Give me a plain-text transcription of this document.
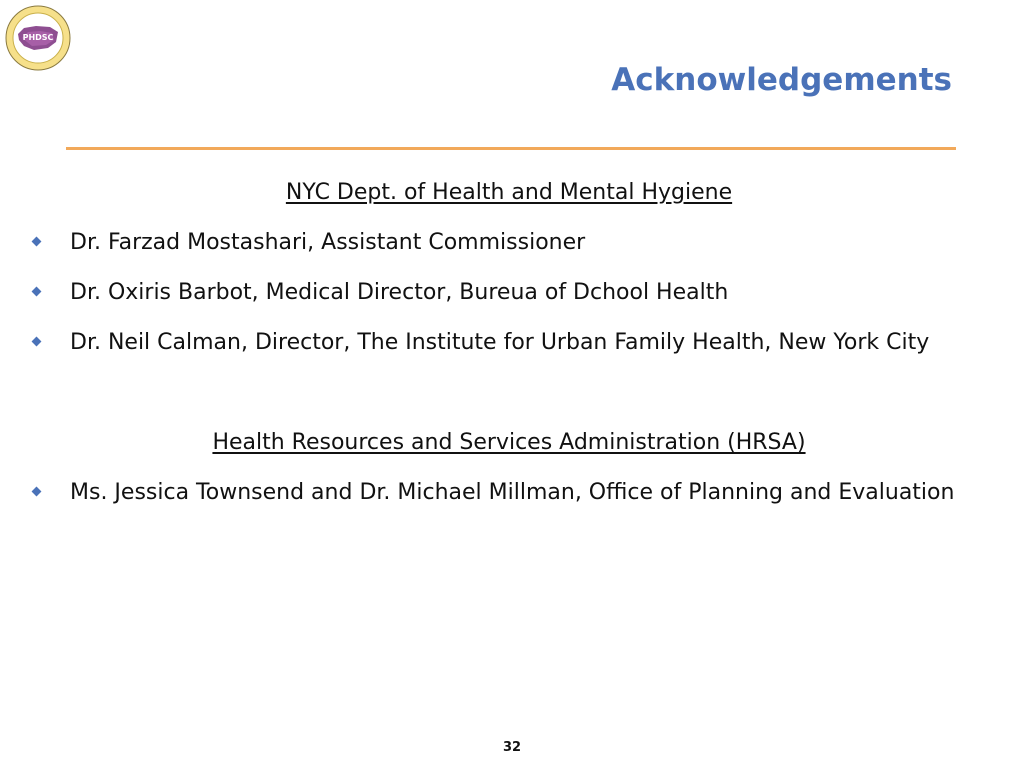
PHDSC
Acknowledgements

NYC Dept. of Health and Mental Hygiene

Dr. Farzad Mostashari, Assistant Commissioner
Dr. Oxiris Barbot, Medical Director, Bureua of Dchool Health
Dr. Neil Calman, Director, The Institute for Urban Family Health, New York City

Health Resources and Services Administration (HRSA)

Ms. Jessica Townsend and Dr. Michael Millman, Office of Planning and Evaluation
32
